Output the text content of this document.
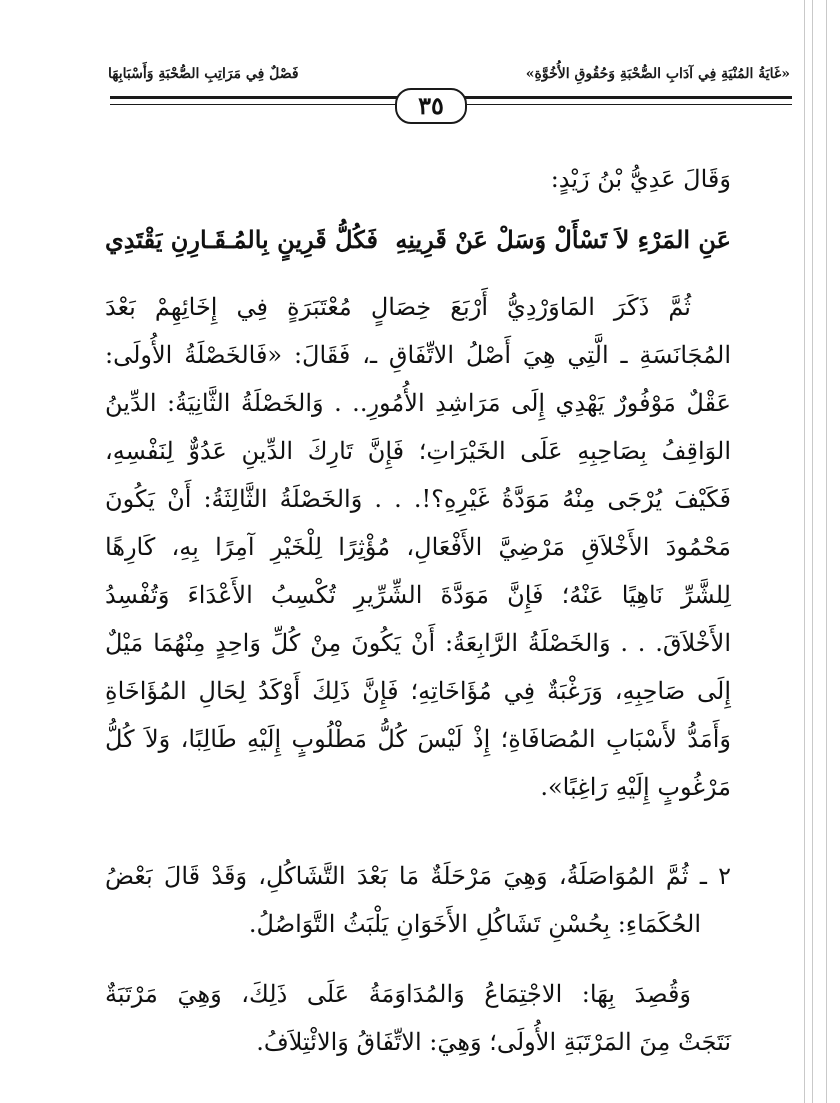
«غَايَةُ المُنْيَةِ فِي آدَابِ الصُّحْبَةِ وَحُقُوقِ الأُخُوَّةِ»
فَصْلٌ فِي مَرَاتِبِ الصُّحْبَةِ وَأَسْبَابِهَا
٣٥
وَقَالَ عَدِيُّ بْنُ زَيْدٍ:
عَنِ المَرْءِ لاَ تَسْأَلْ وَسَلْ عَنْ قَرِينِهِ
فَكُلُّ قَرِينٍ بِالمُـقَـارِنِ يَقْتَدِي
ثُمَّ ذَكَرَ المَاوَرْدِيُّ أَرْبَعَ خِصَالٍ مُعْتَبَرَةٍ فِي إِخَائِهِمْ بَعْدَ
المُجَانَسَةِ ـ الَّتِي هِيَ أَصْلُ الاتِّفَاقِ ـ، فَقَالَ: «فَالخَصْلَةُ الأُولَى:
عَقْلٌ مَوْفُورٌ يَهْدِي إِلَى مَرَاشِدِ الأُمُورِ.. . وَالخَصْلَةُ الثَّانِيَةُ: الدِّينُ
الوَاقِفُ بِصَاحِبِهِ عَلَى الخَيْرَاتِ؛ فَإِنَّ تَارِكَ الدِّينِ عَدُوٌّ لِنَفْسِهِ،
فَكَيْفَ يُرْجَى مِنْهُ مَوَدَّةُ غَيْرِهِ؟!. . . وَالخَصْلَةُ الثَّالِثَةُ: أَنْ يَكُونَ
مَحْمُودَ الأَخْلاَقِ مَرْضِيَّ الأَفْعَالِ، مُؤْثِرًا لِلْخَيْرِ آمِرًا بِهِ، كَارِهًا
لِلشَّرِّ نَاهِيًا عَنْهُ؛ فَإِنَّ مَوَدَّةَ الشِّرِّيرِ تُكْسِبُ الأَعْدَاءَ وَتُفْسِدُ
الأَخْلاَقَ. . . وَالخَصْلَةُ الرَّابِعَةُ: أَنْ يَكُونَ مِنْ كُلِّ وَاحِدٍ مِنْهُمَا مَيْلٌ
إِلَى صَاحِبِهِ، وَرَغْبَةٌ فِي مُؤَاخَاتِهِ؛ فَإِنَّ ذَلِكَ أَوْكَدُ لِحَالِ المُؤَاخَاةِ
وَأَمَدُّ لأَسْبَابِ المُصَافَاةِ؛ إِذْ لَيْسَ كُلُّ مَطْلُوبٍ إِلَيْهِ طَالِبًا، وَلاَ كُلُّ
مَرْغُوبٍ إِلَيْهِ رَاغِبًا».
٢ ـ ثُمَّ المُوَاصَلَةُ، وَهِيَ مَرْحَلَةٌ مَا بَعْدَ التَّشَاكُلِ، وَقَدْ قَالَ بَعْضُ
الحُكَمَاءِ: بِحُسْنِ تَشَاكُلِ الأَخَوَانِ يَلْبَثُ التَّوَاصُلُ.
وَقُصِدَ بِهَا: الاجْتِمَاعُ وَالمُدَاوَمَةُ عَلَى ذَلِكَ، وَهِيَ مَرْتَبَةٌ
نَتَجَتْ مِنَ المَرْتَبَةِ الأُولَى؛ وَهِيَ: الاتِّفَاقُ وَالائْتِلاَفُ.
